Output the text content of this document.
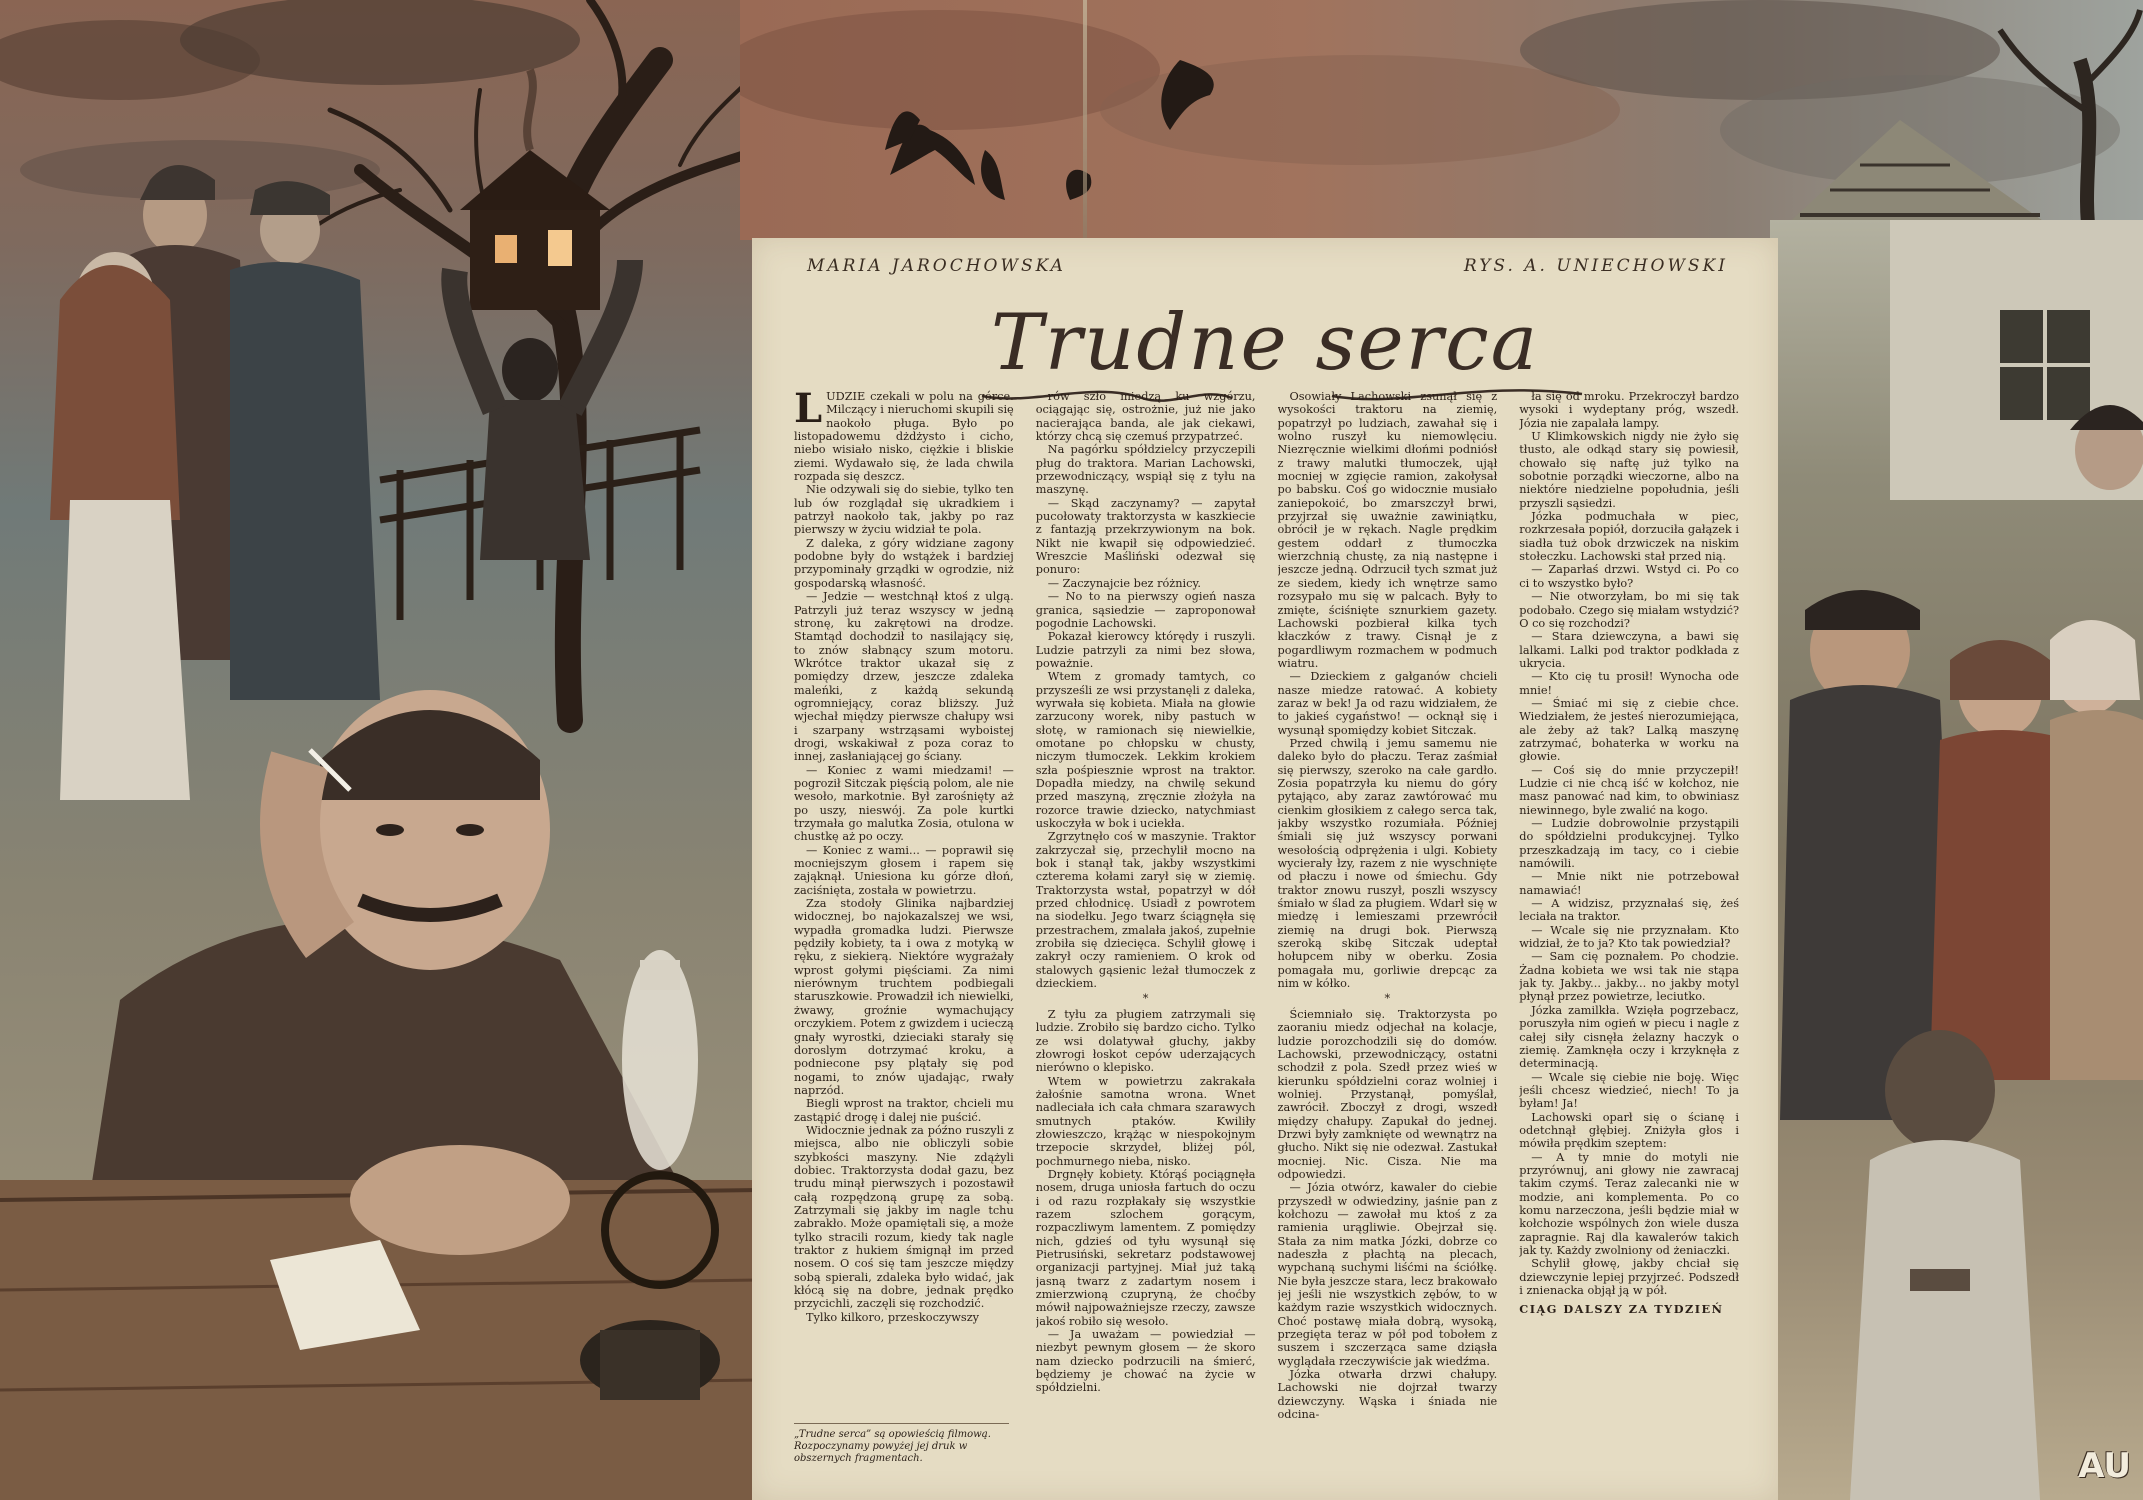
AU
MARIA JAROCHOWSKA	RYS. A. UNIECHOWSKI
Trudne serca

LUDZIE czekali w polu na górce. Milczący i nieruchomi skupili się naokoło pługa. Było po listopadowemu dżdżysto i cicho, niebo wisiało nisko, ciężkie i bliskie ziemi. Wydawało się, że lada chwila rozpada się deszcz.

Nie odzywali się do siebie, tylko ten lub ów rozglądał się ukradkiem i patrzył naokoło tak, jakby po raz pierwszy w życiu widział te pola.

Z daleka, z góry widziane zagony podobne były do wstążek i bardziej przypominały grządki w ogrodzie, niż gospodarską własność.

— Jedzie — westchnął ktoś z ulgą. Patrzyli już teraz wszyscy w jedną stronę, ku zakrętowi na drodze. Stamtąd dochodził to nasilający się, to znów słabnący szum motoru. Wkrótce traktor ukazał się z pomiędzy drzew, jeszcze zdaleka maleńki, z każdą sekundą ogromniejący, coraz bliższy. Już wjechał między pierwsze chałupy wsi i szarpany wstrząsami wyboistej drogi, wskakiwał z poza coraz to innej, zasłaniającej go ściany.

— Koniec z wami miedzami! — pogroził Sitczak pięścią polom, ale nie wesoło, markotnie. Był zarośnięty aż po uszy, nieswój. Za pole kurtki trzymała go malutka Zosia, otulona w chustkę aż po oczy.

— Koniec z wami... — poprawił się mocniejszym głosem i rapem się zająknął. Uniesiona ku górze dłoń, zaciśnięta, została w powietrzu.

Zza stodoły Glinika najbardziej widocznej, bo najokazalszej we wsi, wypadła gromadka ludzi. Pierwsze pędziły kobiety, ta i owa z motyką w ręku, z siekierą. Niektóre wygrażały wprost gołymi pięściami. Za nimi nierównym truchtem podbiegali staruszkowie. Prowadził ich niewielki, żwawy, groźnie wymachujący orczykiem. Potem z gwizdem i ucieczą gnały wyrostki, dzieciaki starały się doroslym dotrzymać kroku, a podniecone psy plątały się pod nogami, to znów ujadając, rwały naprzód.

Biegli wprost na traktor, chcieli mu zastąpić drogę i dalej nie puścić.

Widocznie jednak za późno ruszyli z miejsca, albo nie obliczyli sobie szybkości maszyny. Nie zdążyli dobiec. Traktorzysta dodał gazu, bez trudu minął pierwszych i pozostawił całą rozpędzoną grupę za sobą. Zatrzymali się jakby im nagle tchu zabrakło. Może opamiętali się, a może tylko stracili rozum, kiedy tak nagle traktor z hukiem śmignął im przed nosem. O coś się tam jeszcze między sobą spierali, zdaleka było widać, jak kłócą się na dobre, jednak prędko przycichli, zaczęli się rozchodzić.

Tylko kilkoro, przeskoczywszy

rów szło miedzą ku wzgórzu, ociągając się, ostrożnie, już nie jako nacierająca banda, ale jak ciekawi, którzy chcą się czemuś przypatrzeć.

Na pagórku spółdzielcy przyczepili pług do traktora. Marian Lachowski, przewodniczący, wspiął się z tyłu na maszynę.

— Skąd zaczynamy? — zapytał pucołowaty traktorzysta w kaszkiecie z fantazją przekrzywionym na bok. Nikt nie kwapił się odpowiedzieć. Wreszcie Maśliński odezwał się ponuro:

— Zaczynajcie bez różnicy.

— No to na pierwszy ogień nasza granica, sąsiedzie — zaproponował pogodnie Lachowski.

Pokazał kierowcy którędy i ruszyli. Ludzie patrzyli za nimi bez słowa, poważnie.

Wtem z gromady tamtych, co przysześli ze wsi przystanęli z daleka, wyrwała się kobieta. Miała na głowie zarzucony worek, niby pastuch w słotę, w ramionach się niewielkie, omotane po chłopsku w chusty, niczym tłumoczek. Lekkim krokiem szła pośpiesznie wprost na traktor. Dopadła miedzy, na chwilę sekund przed maszyną, zręcznie złożyła na rozorce trawie dziecko, natychmiast uskoczyła w bok i uciekła.

Zgrzytnęło coś w maszynie. Traktor zakrzyczał się, przechylił mocno na bok i stanął tak, jakby wszystkimi czterema kołami zarył się w ziemię. Traktorzysta wstał, popatrzył w dół przed chłodnicę. Usiadł z powrotem na siodełku. Jego twarz ściągnęła się przestrachem, zmalała jakoś, zupełnie zrobiła się dziecięca. Schylił głowę i zakrył oczy ramieniem. O krok od stalowych gąsienic leżał tłumoczek z dzieckiem.

*

Z tyłu za pługiem zatrzymali się ludzie. Zrobiło się bardzo cicho. Tylko ze wsi dolatywał głuchy, jakby złowrogi łoskot cepów uderzających nierówno o klepisko.

Wtem w powietrzu zakrakała żałośnie samotna wrona. Wnet nadleciała ich cała chmara szarawych smutnych ptaków. Kwiliły złowieszczo, krążąc w niespokojnym trzepocie skrzydeł, bliżej pól, pochmurnego nieba, nisko.

Drgnęły kobiety. Którąś pociągnęła nosem, druga uniosła fartuch do oczu i od razu rozpłakały się wszystkie razem szlochem gorącym, rozpaczliwym lamentem. Z pomiędzy nich, gdzieś od tyłu wysunął się Pietrusiński, sekretarz podstawowej organizacji partyjnej. Miał już taką jasną twarz z zadartym nosem i zmierzwioną czupryną, że choćby mówił najpoważniejsze rzeczy, zawsze jakoś robiło się wesoło.

— Ja uważam — powiedział — niezbyt pewnym głosem — że skoro nam dziecko podrzucili na śmierć, będziemy je chować na życie w spółdzielni.

Osowiały Lachowski zsunął się z wysokości traktoru na ziemię, popatrzył po ludziach, zawahał się i wolno ruszył ku niemowlęciu. Niezręcznie wielkimi dłońmi podniósł z trawy malutki tłumoczek, ujął mocniej w zgięcie ramion, zakołysał po babsku. Coś go widocznie musiało zaniepokoić, bo zmarszczył brwi, przyjrzał się uważnie zawiniątku, obrócił je w rękach. Nagle prędkim gestem oddarł z tłumoczka wierzchnią chustę, za nią następne i jeszcze jedną. Odrzucił tych szmat już ze siedem, kiedy ich wnętrze samo rozsypało mu się w palcach. Były to zmięte, ściśnięte sznurkiem gazety. Lachowski pozbierał kilka tych kłaczków z trawy. Cisnął je z pogardliwym rozmachem w podmuch wiatru.

— Dzieckiem z gałganów chcieli nasze miedze ratować. A kobiety zaraz w bek! Ja od razu widziałem, że to jakieś cygaństwo! — ocknął się i wysunął spomiędzy kobiet Sitczak.

Przed chwilą i jemu samemu nie daleko było do płaczu. Teraz zaśmiał się pierwszy, szeroko na całe gardło. Zosia popatrzyła ku niemu do góry pytająco, aby zaraz zawtórować mu cienkim głosikiem z całego serca tak, jakby wszystko rozumiała. Później śmiali się już wszyscy porwani wesołością odprężenia i ulgi. Kobiety wycierały łzy, razem z nie wyschnięte od płaczu i nowe od śmiechu. Gdy traktor znowu ruszył, poszli wszyscy śmiało w ślad za pługiem. Wdarł się w miedzę i lemieszami przewrócił ziemię na drugi bok. Pierwszą szeroką skibę Sitczak udeptał hołupcem niby w oberku. Zosia pomagała mu, gorliwie drepcąc za nim w kółko.

*

Ściemniało się. Traktorzysta po zaoraniu miedz odjechał na kolacje, ludzie porozchodzili się do domów. Lachowski, przewodniczący, ostatni schodził z pola. Szedł przez wieś w kierunku spółdzielni coraz wolniej i wolniej. Przystanął, pomyślał, zawrócił. Zboczył z drogi, wszedł między chałupy. Zapukał do jednej. Drzwi były zamknięte od wewnątrz na głucho. Nikt się nie odezwał. Zastukał mocniej. Nic. Cisza. Nie ma odpowiedzi.

— Józia otwórz, kawaler do ciebie przyszedł w odwiedziny, jaśnie pan z kołchozu — zawołał mu ktoś z za ramienia urągliwie. Obejrzał się. Stała za nim matka Józki, dobrze co nadeszła z płachtą na plecach, wypchaną suchymi liśćmi na ściółkę. Nie była jeszcze stara, lecz brakowało jej jeśli nie wszystkich zębów, to w każdym razie wszystkich widocznych. Choć postawę miała dobrą, wysoką, przegięta teraz w pół pod tobołem z suszem i szczerząca same dziąsła wyglądała rzeczywiście jak wiedźma.

Józka otwarła drzwi chałupy. Lachowski nie dojrzał twarzy dziewczyny. Wąska i śniada nie odcina-

ła się od mroku. Przekroczył bardzo wysoki i wydeptany próg, wszedł. Józia nie zapalała lampy.

U Klimkowskich nigdy nie żyło się tłusto, ale odkąd stary się powiesił, chowało się naftę już tylko na sobotnie porządki wieczorne, albo na niektóre niedzielne popołudnia, jeśli przyszli sąsiedzi.

Józka podmuchała w piec, rozkrzesała popiół, dorzuciła gałązek i siadła tuż obok drzwiczek na niskim stołeczku. Lachowski stał przed nią.

— Zaparłaś drzwi. Wstyd ci. Po co ci to wszystko było?

— Nie otworzyłam, bo mi się tak podobało. Czego się miałam wstydzić? O co się rozchodzi?

— Stara dziewczyna, a bawi się lalkami. Lalki pod traktor podkłada z ukrycia.

— Kto cię tu prosił! Wynocha ode mnie!

— Śmiać mi się z ciebie chce. Wiedziałem, że jesteś nierozumiejąca, ale żeby aż tak? Lalką maszynę zatrzymać, bohaterka w worku na głowie.

— Coś się do mnie przyczepił! Ludzie ci nie chcą iść w kołchoz, nie masz panować nad kim, to obwiniasz niewinnego, byle zwalić na kogo.

— Ludzie dobrowolnie przystąpili do spółdzielni produkcyjnej. Tylko przeszkadzają im tacy, co i ciebie namówili.

— Mnie nikt nie potrzebował namawiać!

— A widzisz, przyznałaś się, żeś leciała na traktor.

— Wcale się nie przyznałam. Kto widział, że to ja? Kto tak powiedział?

— Sam cię poznałem. Po chodzie. Żadna kobieta we wsi tak nie stąpa jak ty. Jakby... jakby... no jakby motyl płynął przez powietrze, leciutko.

Józka zamilkła. Wzięła pogrzebacz, poruszyła nim ogień w piecu i nagle z całej siły cisnęła żelazny haczyk o ziemię. Zamknęła oczy i krzyknęła z determinacją.

— Wcale się ciebie nie boję. Więc jeśli chcesz wiedzieć, niech! To ja byłam! Ja!

Lachowski oparł się o ścianę i odetchnął głębiej. Zniżyła głos i mówiła prędkim szeptem:

— A ty mnie do motyli nie przyrównuj, ani głowy nie zawracaj takim czymś. Teraz zalecanki nie w modzie, ani komplementa. Po co komu narzeczona, jeśli będzie miał w kołchozie wspólnych żon wiele dusza zapragnie. Raj dla kawalerów takich jak ty. Każdy zwolniony od żeniaczki.

Schylił głowę, jakby chciał się dziewczynie lepiej przyjrzeć. Podszedł i znienacka objął ją w pół.

CIĄG DALSZY ZA TYDZIEŃ

„Trudne serca” są opowieścią filmową. Rozpoczynamy powyżej jej druk w obszernych fragmentach.
